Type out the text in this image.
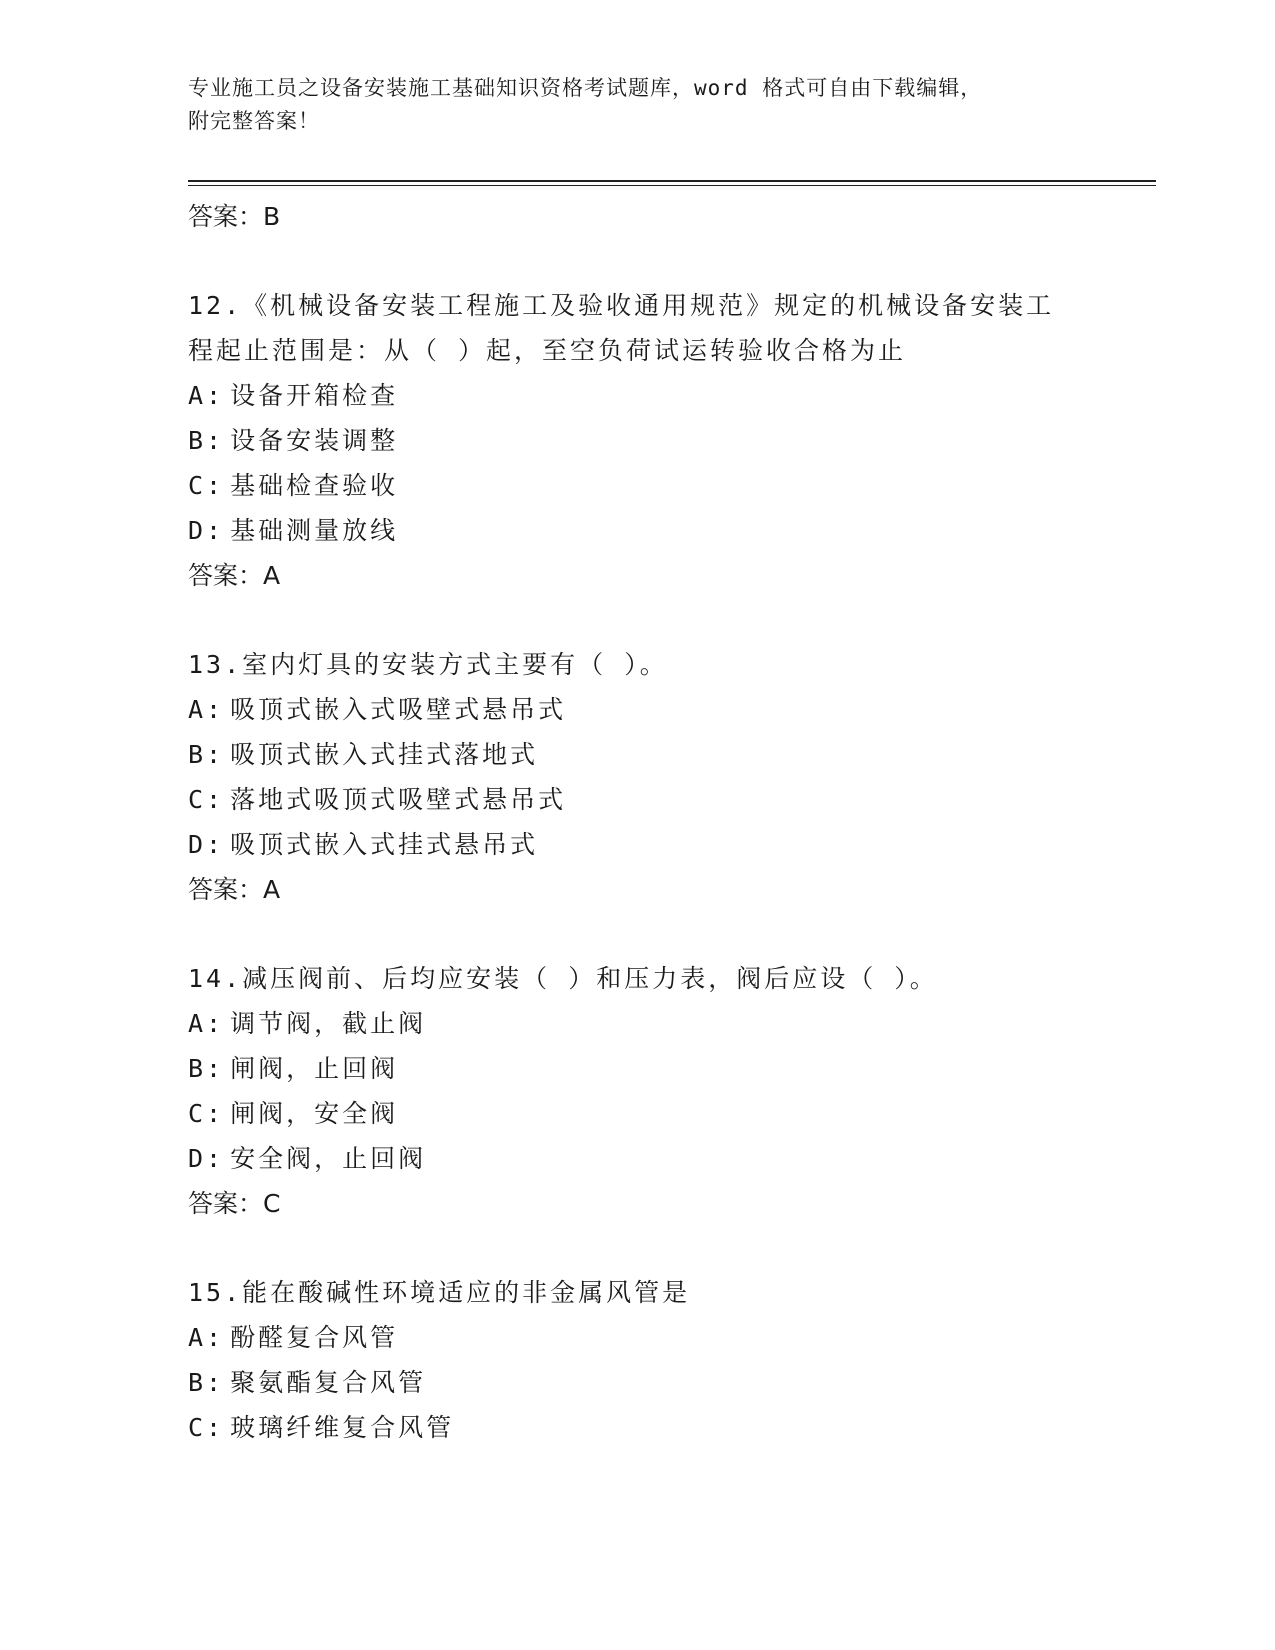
专业施工员之设备安装施工基础知识资格考试题库，word 格式可自由下载编辑，

附完整答案！

答案：B

12.《机械设备安装工程施工及验收通用规范》规定的机械设备安装工

程起止范围是：从（ ）起，至空负荷试运转验收合格为止

A: 设备开箱检查

B: 设备安装调整

C: 基础检查验收

D: 基础测量放线

答案：A

13.室内灯具的安装方式主要有（ ）。

A: 吸顶式嵌入式吸壁式悬吊式

B: 吸顶式嵌入式挂式落地式

C: 落地式吸顶式吸壁式悬吊式

D: 吸顶式嵌入式挂式悬吊式

答案：A

14.减压阀前、后均应安装（ ）和压力表，阀后应设（ ）。

A: 调节阀，截止阀

B: 闸阀，止回阀

C: 闸阀，安全阀

D: 安全阀，止回阀

答案：C

15.能在酸碱性环境适应的非金属风管是

A: 酚醛复合风管

B: 聚氨酯复合风管

C: 玻璃纤维复合风管
